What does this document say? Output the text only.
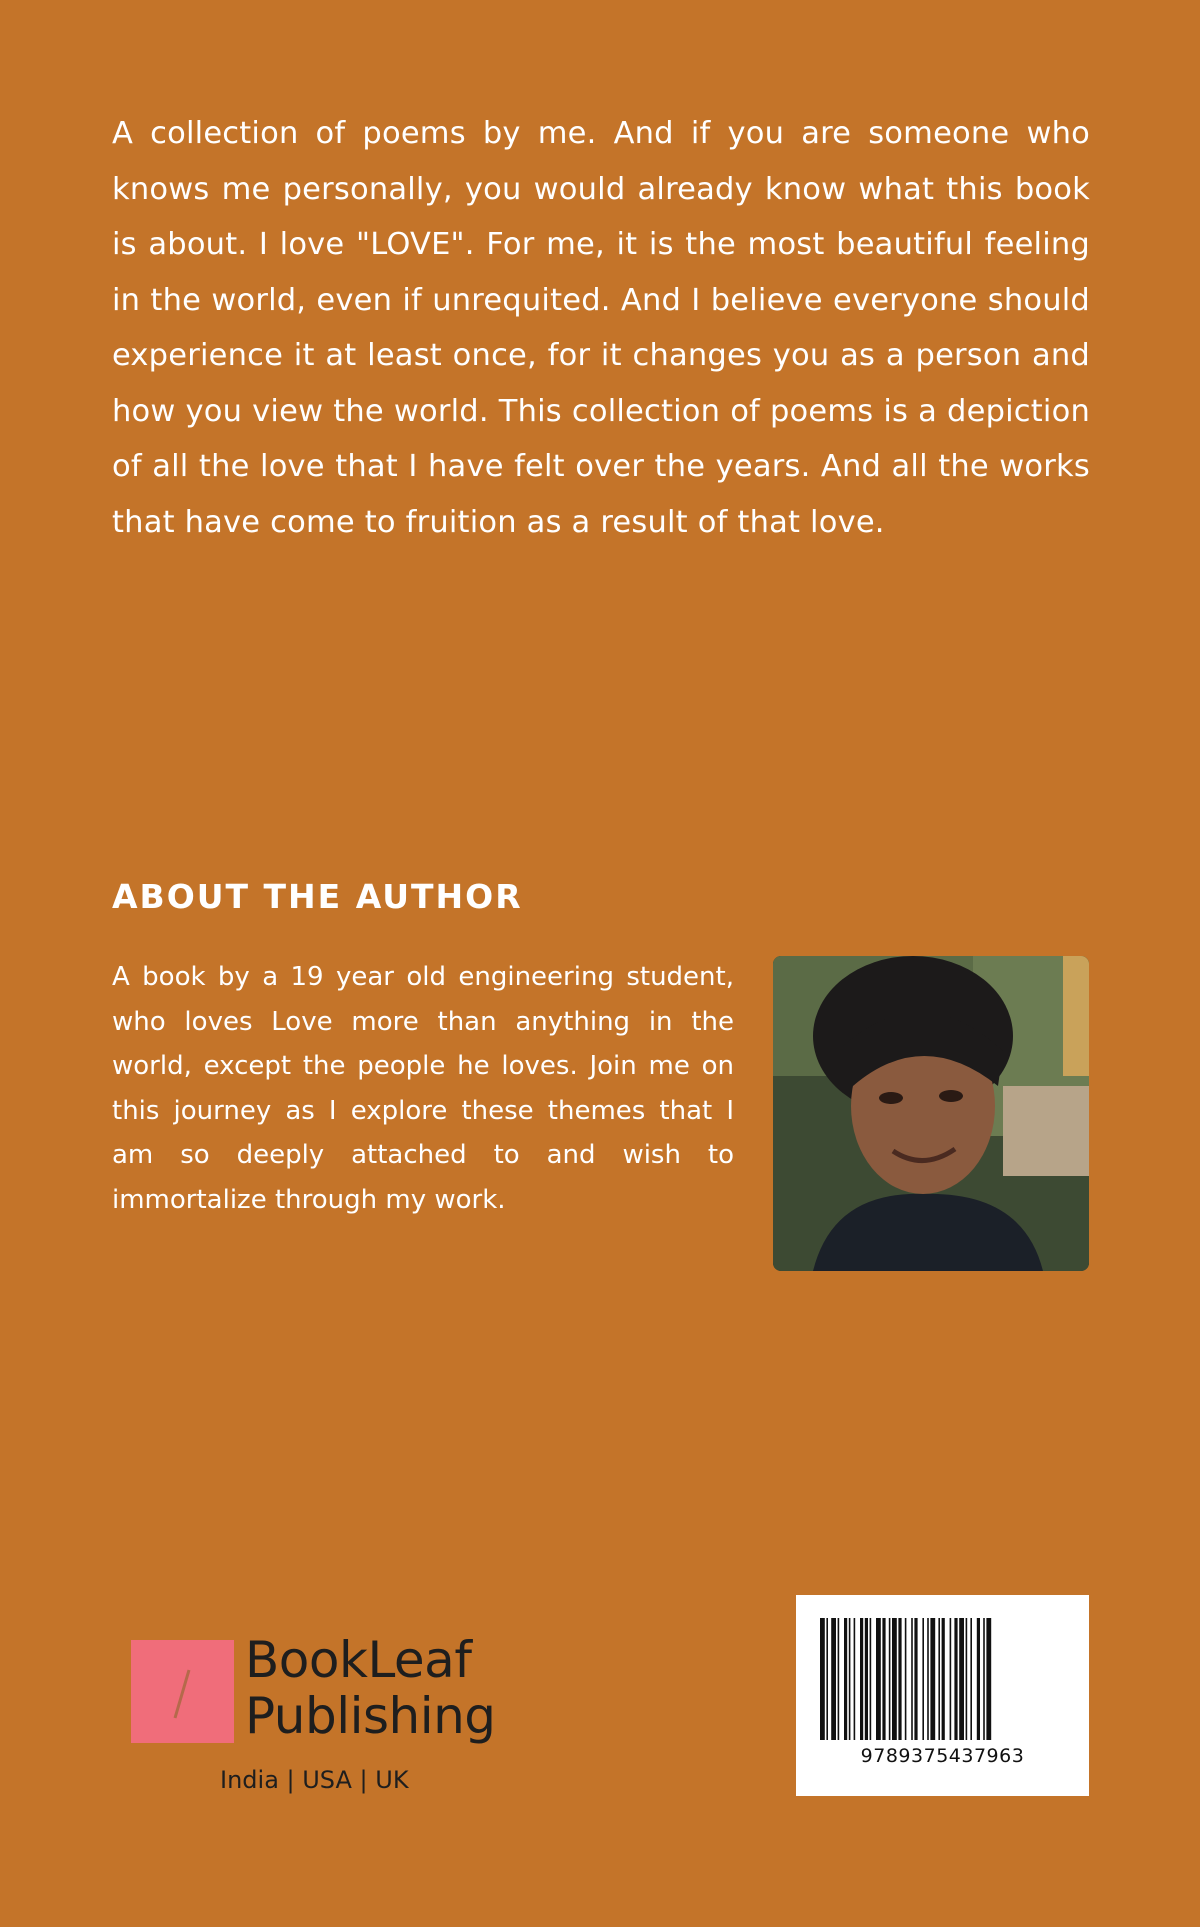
A collection of poems by me. And if you are someone who knows me personally, you would already know what this book is about. I love "LOVE". For me, it is the most beautiful feeling in the world, even if unrequited. And I believe everyone should experience it at least once, for it changes you as a person and how you view the world. This collection of poems is a depiction of all the love that I have felt over the years. And all the works that have come to fruition as a result of that love.

ABOUT THE AUTHOR

A book by a 19 year old engineering student, who loves Love more than anything in the world, except the people he loves. Join me on this journey as I explore these themes that I am so deeply attached to and wish to immortalize through my work.

BookLeaf
Publishing
India | USA | UK
9789375437963
